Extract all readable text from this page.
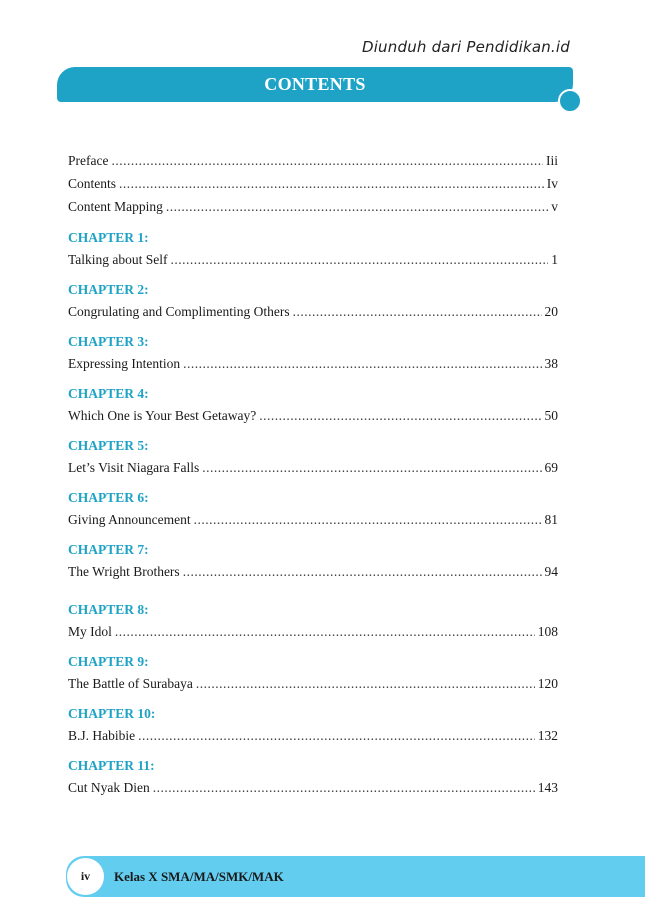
Diunduh dari Pendidikan.id
CONTENTS
Preface .....	Iii
Contents .....	Iv
Content Mapping .....	v
CHAPTER 1:
Talking about Self .....	1
CHAPTER 2:
Congrulating and Complimenting Others .....	20
CHAPTER 3:
Expressing Intention .....	38
CHAPTER 4:
Which One is Your Best Getaway? .....	50
CHAPTER 5:
Let’s Visit Niagara Falls .....	69
CHAPTER 6:
Giving Announcement .....	81
CHAPTER 7:
The Wright Brothers .....	94
CHAPTER 8:
My Idol .....	108
CHAPTER 9:
The Battle of Surabaya .....	120
CHAPTER 10:
B.J. Habibie .....	132
CHAPTER 11:
Cut Nyak Dien .....	143
iv	Kelas X SMA/MA/SMK/MAK
